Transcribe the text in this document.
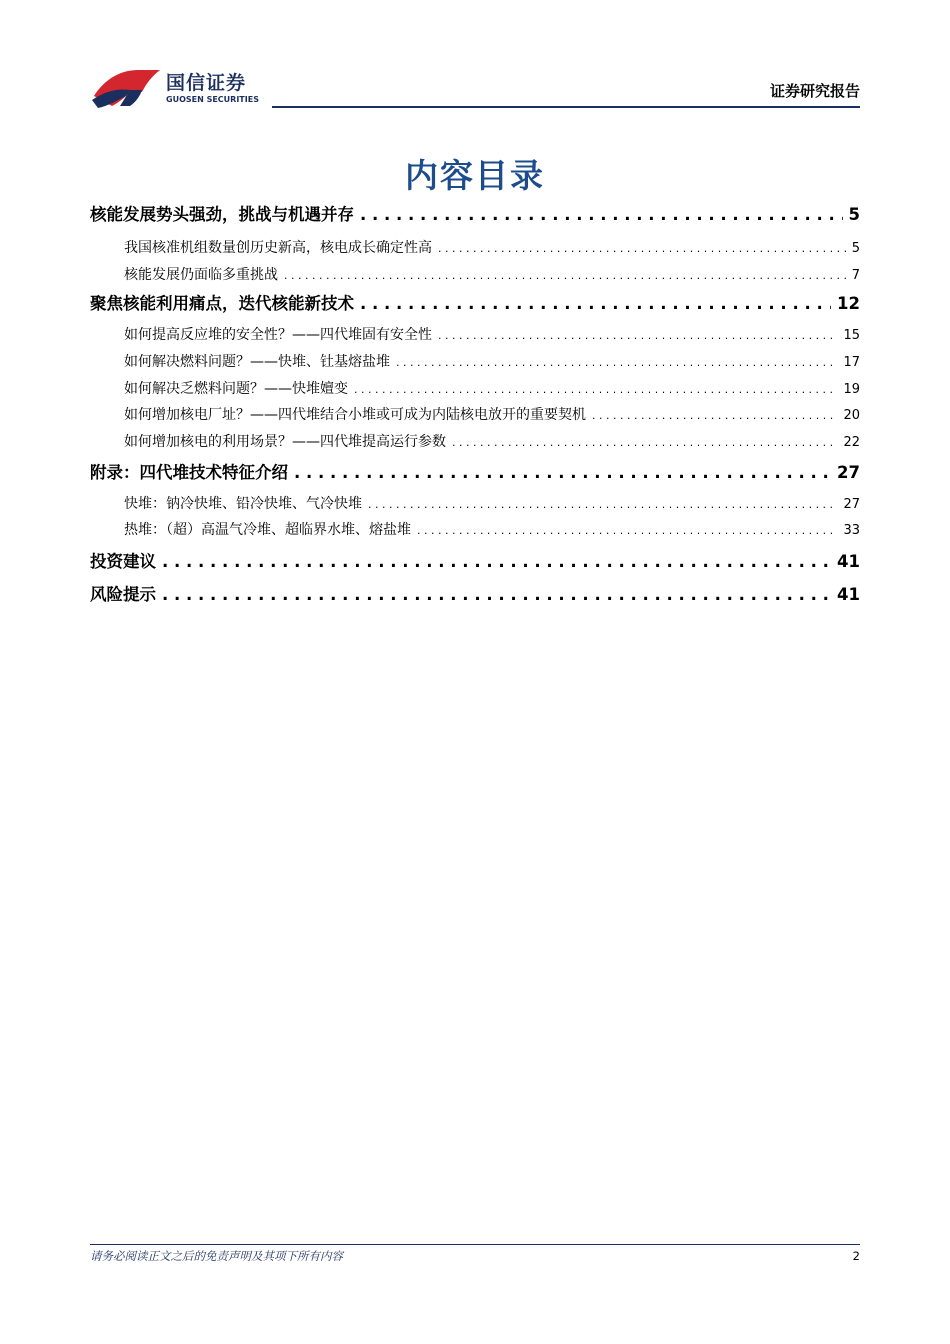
国信证券
GUOSEN SECURITIES	证券研究报告
内容目录
核能发展势头强劲，挑战与机遇并存 . . .	5
我国核准机组数量创历史新高，核电成长确定性高 . . .	5
核能发展仍面临多重挑战 . . .	7
聚焦核能利用痛点，迭代核能新技术 . . .	12
如何提高反应堆的安全性？——四代堆固有安全性 . . .	15
如何解决燃料问题？——快堆、钍基熔盐堆 . . .	17
如何解决乏燃料问题？——快堆嬗变 . . .	19
如何增加核电厂址？——四代堆结合小堆或可成为内陆核电放开的重要契机 . . .	20
如何增加核电的利用场景？——四代堆提高运行参数 . . .	22
附录：四代堆技术特征介绍 . . .	27
快堆：钠冷快堆、铅冷快堆、气冷快堆 . . .	27
热堆：（超）高温气冷堆、超临界水堆、熔盐堆 . . .	33
投资建议 . . .	41
风险提示 . . .	41
请务必阅读正文之后的免责声明及其项下所有内容	2
